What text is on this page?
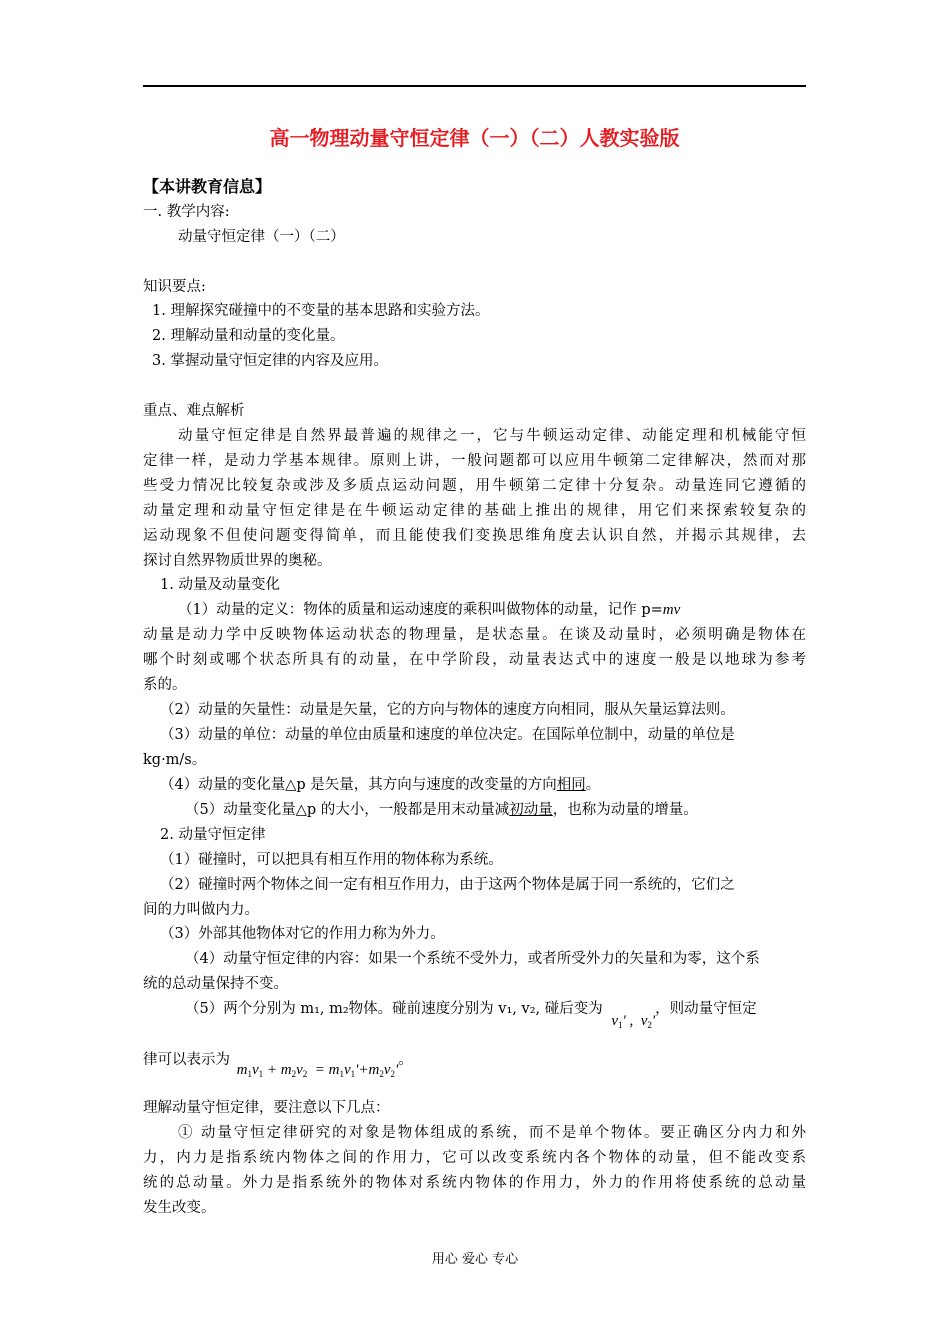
高一物理动量守恒定律（一）（二）人教实验版
【本讲教育信息】
一. 教学内容:
动量守恒定律（一）（二）
知识要点:
1. 理解探究碰撞中的不变量的基本思路和实验方法。
2. 理解动量和动量的变化量。
3. 掌握动量守恒定律的内容及应用。
重点、难点解析
动量守恒定律是自然界最普遍的规律之一，它与牛顿运动定律、动能定理和机械能守恒
定律一样，是动力学基本规律。原则上讲，一般问题都可以应用牛顿第二定律解决，然而对那
些受力情况比较复杂或涉及多质点运动问题，用牛顿第二定律十分复杂。动量连同它遵循的
动量定理和动量守恒定律是在牛顿运动定律的基础上推出的规律，用它们来探索较复杂的
运动现象不但使问题变得简单，而且能使我们变换思维角度去认识自然，并揭示其规律，去
探讨自然界物质世界的奥秘。
1. 动量及动量变化
（1）动量的定义：物体的质量和运动速度的乘积叫做物体的动量，记作 p=mv
动量是动力学中反映物体运动状态的物理量，是状态量。在谈及动量时，必须明确是物体在
哪个时刻或哪个状态所具有的动量，在中学阶段，动量表达式中的速度一般是以地球为参考
系的。
（2）动量的矢量性：动量是矢量，它的方向与物体的速度方向相同，服从矢量运算法则。
（3）动量的单位：动量的单位由质量和速度的单位决定。在国际单位制中，动量的单位是
kg·m/s。
（4）动量的变化量△p 是矢量，其方向与速度的改变量的方向相同。
（5）动量变化量△p 的大小，一般都是用末动量减初动量，也称为动量的增量。
2. 动量守恒定律
（1）碰撞时，可以把具有相互作用的物体称为系统。
（2）碰撞时两个物体之间一定有相互作用力，由于这两个物体是属于同一系统的，它们之
间的力叫做内力。
（3）外部其他物体对它的作用力称为外力。
（4）动量守恒定律的内容：如果一个系统不受外力，或者所受外力的矢量和为零，这个系
统的总动量保持不变。
（5）两个分别为 m₁, m₂物体。碰前速度分别为 v₁, v₂, 碰后变为 $v_1'$ ,  $v_2'$，则动量守恒定
律可以表示为 $m_1v_1 + m_2v_2 = m_1v_1'+m_2v_2'$。
理解动量守恒定律，要注意以下几点：
① 动量守恒定律研究的对象是物体组成的系统，而不是单个物体。要正确区分内力和外
力，内力是指系统内物体之间的作用力，它可以改变系统内各个物体的动量，但不能改变系
统的总动量。外力是指系统外的物体对系统内物体的作用力，外力的作用将使系统的总动量
发生改变。
用心 爱心 专心
